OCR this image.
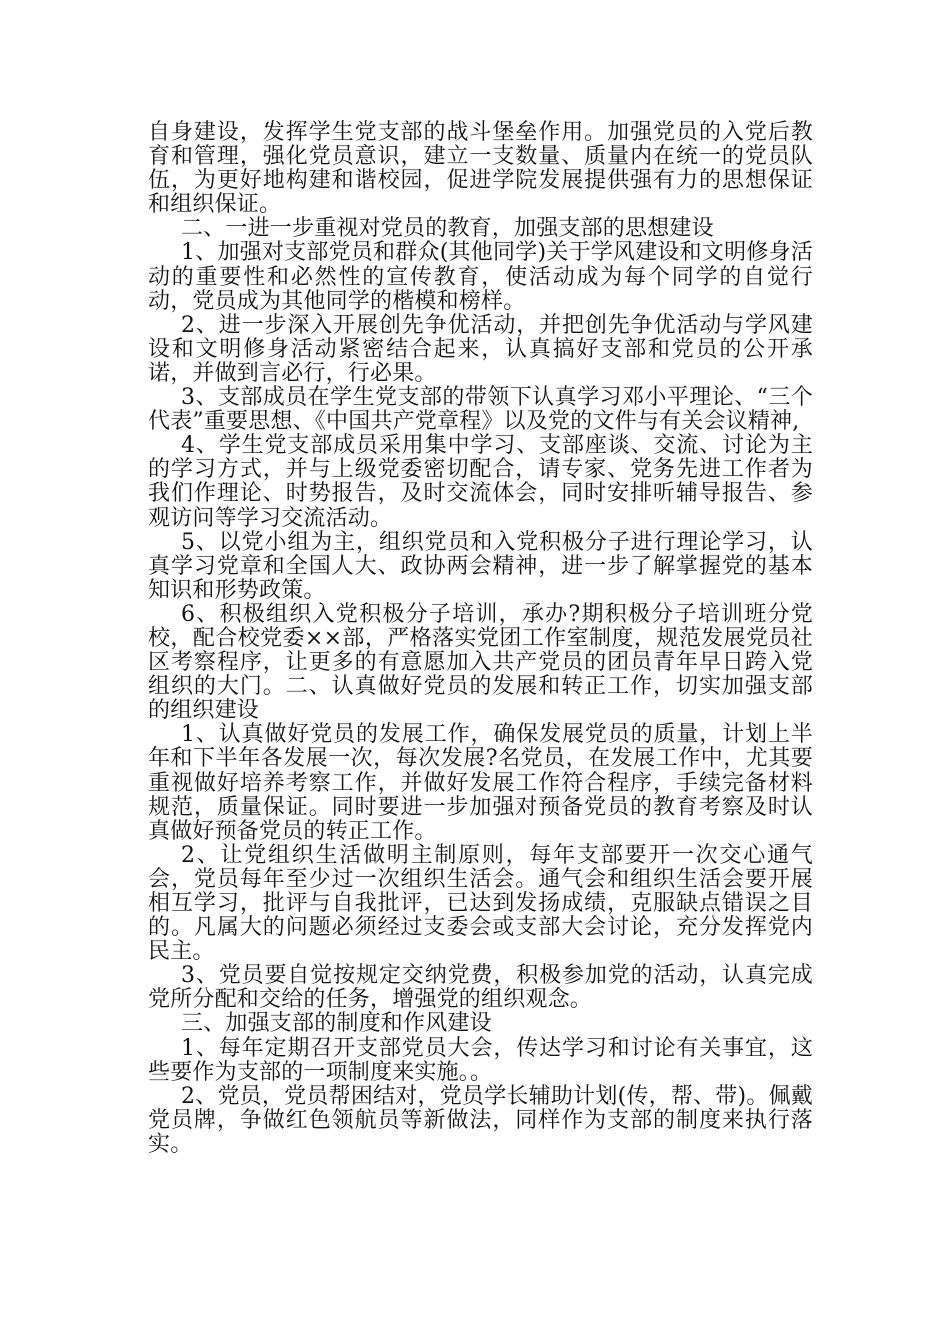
自身建设，发挥学生党支部的战斗堡垒作用。加强党员的入党后教育和管理，强化党员意识，建立一支数量、质量内在统一的党员队伍，为更好地构建和谐校园，促进学院发展提供强有力的思想保证和组织保证。

二、一进一步重视对党员的教育，加强支部的思想建设

1、加强对支部党员和群众(其他同学)关于学风建设和文明修身活动的重要性和必然性的宣传教育，使活动成为每个同学的自觉行动，党员成为其他同学的楷模和榜样。

2、进一步深入开展创先争优活动，并把创先争优活动与学风建设和文明修身活动紧密结合起来，认真搞好支部和党员的公开承诺，并做到言必行，行必果。

3、支部成员在学生党支部的带领下认真学习邓小平理论、“三个代表”重要思想、《中国共产党章程》以及党的文件与有关会议精神,

4、学生党支部成员采用集中学习、支部座谈、交流、讨论为主的学习方式，并与上级党委密切配合，请专家、党务先进工作者为我们作理论、时势报告，及时交流体会，同时安排听辅导报告、参观访问等学习交流活动。

5、以党小组为主，组织党员和入党积极分子进行理论学习，认真学习党章和全国人大、政协两会精神，进一步了解掌握党的基本知识和形势政策。

6、积极组织入党积极分子培训，承办?期积极分子培训班分党校，配合校党委××部，严格落实党团工作室制度，规范发展党员社区考察程序，让更多的有意愿加入共产党员的团员青年早日跨入党组织的大门。二、认真做好党员的发展和转正工作，切实加强支部的组织建设

1、认真做好党员的发展工作，确保发展党员的质量，计划上半年和下半年各发展一次，每次发展?名党员，在发展工作中，尤其要重视做好培养考察工作，并做好发展工作符合程序，手续完备材料规范，质量保证。同时要进一步加强对预备党员的教育考察及时认真做好预备党员的转正工作。

2、让党组织生活做明主制原则，每年支部要开一次交心通气会，党员每年至少过一次组织生活会。通气会和组织生活会要开展相互学习，批评与自我批评，已达到发扬成绩，克服缺点错误之目的。凡属大的问题必须经过支委会或支部大会讨论，充分发挥党内民主。

3、党员要自觉按规定交纳党费，积极参加党的活动，认真完成党所分配和交给的任务，增强党的组织观念。

三、加强支部的制度和作风建设

1、每年定期召开支部党员大会，传达学习和讨论有关事宜，这些要作为支部的一项制度来实施。。

2、党员，党员帮困结对，党员学长辅助计划(传，帮、带)。佩戴党员牌，争做红色领航员等新做法，同样作为支部的制度来执行落实。
